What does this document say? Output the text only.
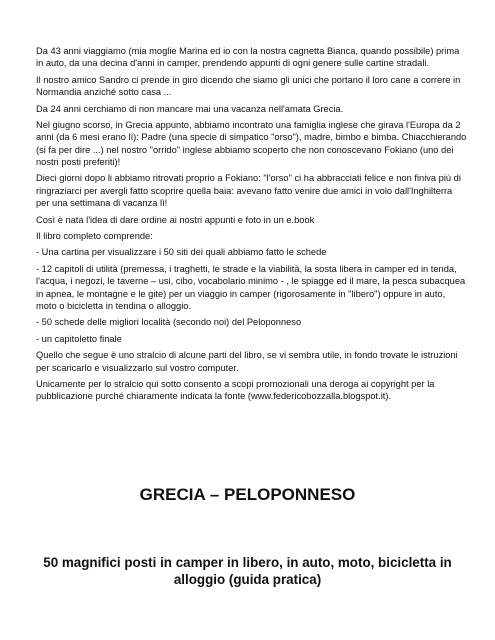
Da 43 anni viaggiamo (mia moglie Marina ed io con la nostra cagnetta Bianca, quando possibile) prima in auto, da una decina d'anni in camper, prendendo appunti di ogni genere sulle cartine stradali.

Il nostro amico Sandro ci prende in giro dicendo che siamo gli unici che portano il loro cane a correre in Normandia anziché sotto casa ...

Da 24 anni cerchiamo di non mancare mai una vacanza nell'amata Grecia.

Nel giugno scorso, in Grecia appunto, abbiamo incontrato una famiglia inglese che girava l'Europa da 2 anni (da 6 mesi erano lì): Padre (una specie di simpatico "orso"), madre, bimbo e bimba. Chiacchierando (si fa per dire ...) nel nostro "orrido" inglese abbiamo scoperto che non conoscevano Fokiano (uno dei nostri posti preferiti)!

Dieci giorni dopo li abbiamo ritrovati proprio a Fokiano: "l'orso" ci ha abbracciati felice e non finiva più di ringraziarci per avergli fatto scoprire quella baia: avevano fatto venire due amici in volo dall'Inghilterra per una settimana di vacanza lì!

Così è nata l'idea di dare ordine ai nostri appunti e foto in un e.book

Il libro completo comprende:

- Una cartina per visualizzare i 50 siti dei quali abbiamo fatto le schede

- 12 capitoli di utilità (premessa, i traghetti, le strade e la viabilità, la sosta libera in camper ed in tenda, l'acqua, i negozi, le taverne – usi, cibo, vocabolario minimo - , le spiagge ed il mare, la pesca subacquea in apnea, le montagne e le gite) per un viaggio in camper (rigorosamente in "libero") oppure in auto, moto o bicicletta in tendina o alloggio.

- 50 schede delle migliori località (secondo noi) del Peloponneso

- un capitoletto finale

Quello che segue è uno stralcio di alcune parti del libro, se vi sembra utile, in fondo trovate le istruzioni per scaricarlo e visualizzarlo sul vostro computer.

Unicamente per lo stralcio qui sotto consento a scopi promozionali una deroga ai copyright per la pubblicazione purché chiaramente indicata la fonte (www.federicobozzalla.blogspot.it).

GRECIA – PELOPONNESO
50 magnifici posti in camper in libero, in auto, moto, bicicletta in alloggio (guida pratica)
